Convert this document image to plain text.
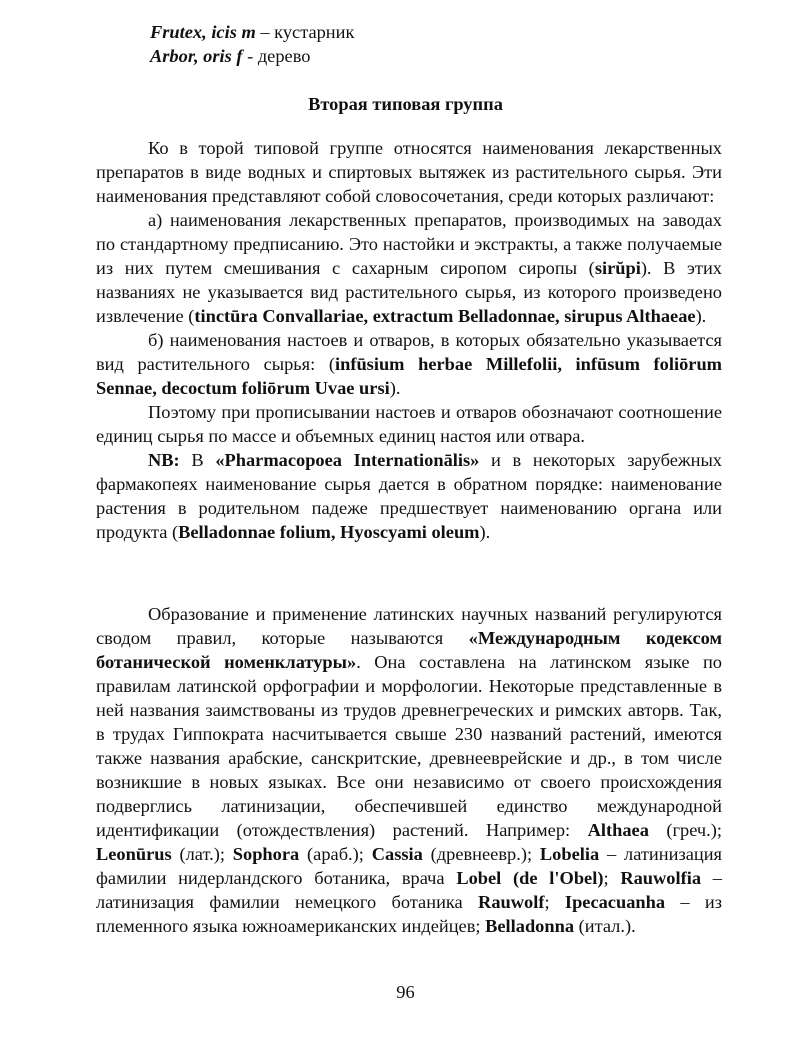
Frutex, icis m – кустарник
Arbor, oris f - дерево
Вторая типовая группа

Ко в торой типовой группе относятся наименования лекарственных препаратов в виде водных и спиртовых вытяжек из растительного сырья. Эти наименования представляют собой словосочетания, среди которых различают:

а) наименования лекарственных препаратов, производимых на заводах по стандартному предписанию. Это настойки и экстракты, а также получаемые из них путем смешивания с сахарным сиропом сиропы (sirŭpi). В этих названиях не указывается вид растительного сырья, из которого произведено извлечение (tinctūra Convallariae, extractum Belladonnae, sirupus Althaeae).

б) наименования настоев и отваров, в которых обязательно указывается вид растительного сырья: (infūsium herbae Millefolii, infūsum foliōrum Sennae, decoctum foliōrum Uvae ursi).

Поэтому при прописывании настоев и отваров обозначают соотношение единиц сырья по массе и объемных единиц настоя или отвара.

NB: В «Pharmacopoea Internationālis» и в некоторых зарубежных фармакопеях наименование сырья дается в обратном порядке: наименование растения в родительном падеже предшествует наименованию органа или продукта (Belladonnae folium, Hyoscyami oleum).

Образование и применение латинских научных названий регулируются сводом правил, которые называются «Международным кодексом ботанической номенклатуры». Она составлена на латинском языке по правилам латинской орфографии и морфологии. Некоторые представленные в ней названия заимствованы из трудов древнегреческих и римских авторв. Так, в трудах Гиппократа насчитывается свыше 230 названий растений, имеются также названия арабские, санскритские, древнееврейские и др., в том числе возникшие в новых языках. Все они независимо от своего происхождения подверглись латинизации, обеспечившей единство международной идентификации (отождествления) растений. Например: Althaea (греч.); Leonūrus (лат.); Sophora (араб.); Cassia (древнеевр.); Lobelia – латинизация фамилии нидерландского ботаника, врача Lobel (de l'Obel); Rauwolfia – латинизация фамилии немецкого ботаника Rauwolf; Ipecacuanha – из племенного языка южноамериканских индейцев; Belladonna (итал.).

96
